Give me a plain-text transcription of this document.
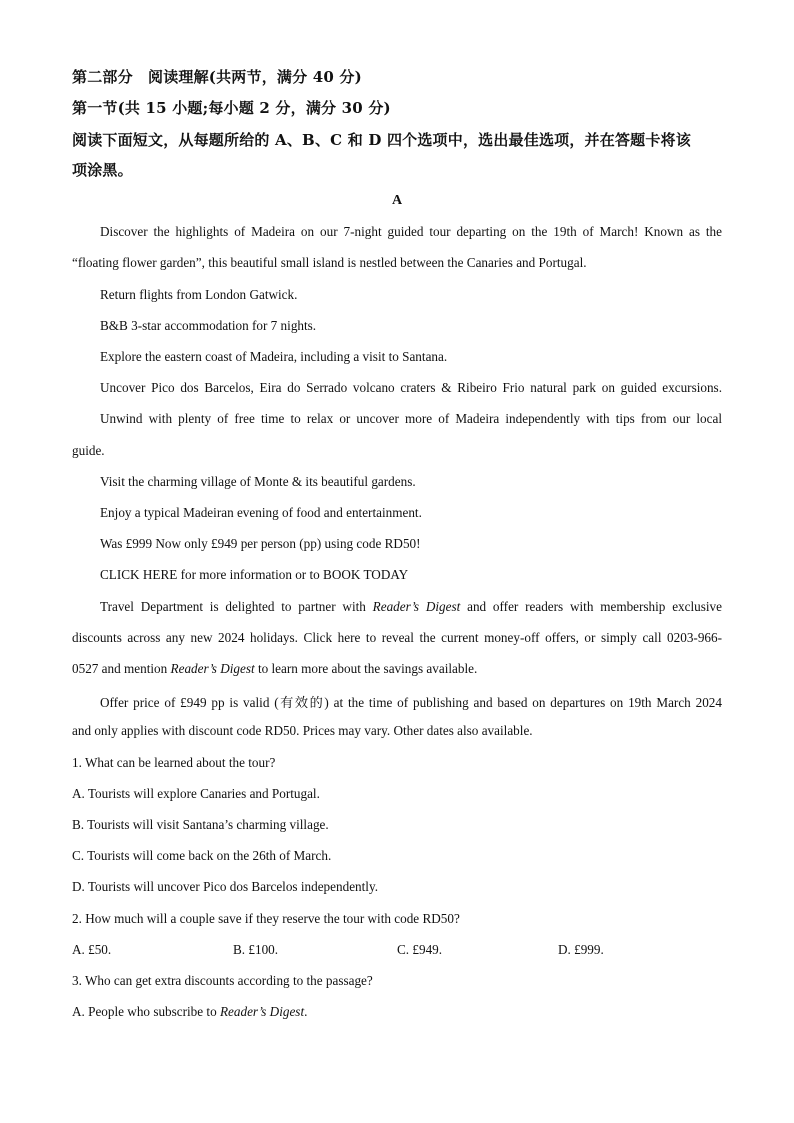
第二部分　阅读理解(共两节，满分 40 分)
第一节(共 15 小题;每小题 2 分，满分 30 分)
阅读下面短文，从每题所给的 A、B、C 和 D 四个选项中，选出最佳选项，并在答题卡将该
项涂黑。
A
Discover the highlights of Madeira on our 7-night guided tour departing on the 19th of March! Known as the
“floating flower garden”, this beautiful small island is nestled between the Canaries and Portugal.
Return flights from London Gatwick.
B&B 3-star accommodation for 7 nights.
Explore the eastern coast of Madeira, including a visit to Santana.
Uncover Pico dos Barcelos, Eira do Serrado volcano craters & Ribeiro Frio natural park on guided excursions.
Unwind with plenty of free time to relax or uncover more of Madeira independently with tips from our local
guide.
Visit the charming village of Monte & its beautiful gardens.
Enjoy a typical Madeiran evening of food and entertainment.
Was £999 Now only £949 per person (pp) using code RD50!
CLICK HERE for more information or to BOOK TODAY
Travel Department is delighted to partner with Reader’s Digest and offer readers with membership exclusive
discounts across any new 2024 holidays. Click here to reveal the current money-off offers, or simply call 0203-966-
0527 and mention Reader’s Digest to learn more about the savings available.
Offer price of £949 pp is valid (有效的) at the time of publishing and based on departures on 19th March 2024
and only applies with discount code RD50. Prices may vary. Other dates also available.
1. What can be learned about the tour?
A. Tourists will explore Canaries and Portugal.
B. Tourists will visit Santana’s charming village.
C. Tourists will come back on the 26th of March.
D. Tourists will uncover Pico dos Barcelos independently.
2. How much will a couple save if they reserve the tour with code RD50?
A. £50.	B. £100.	C. £949.	D. £999.
3. Who can get extra discounts according to the passage?
A. People who subscribe to Reader’s Digest.
